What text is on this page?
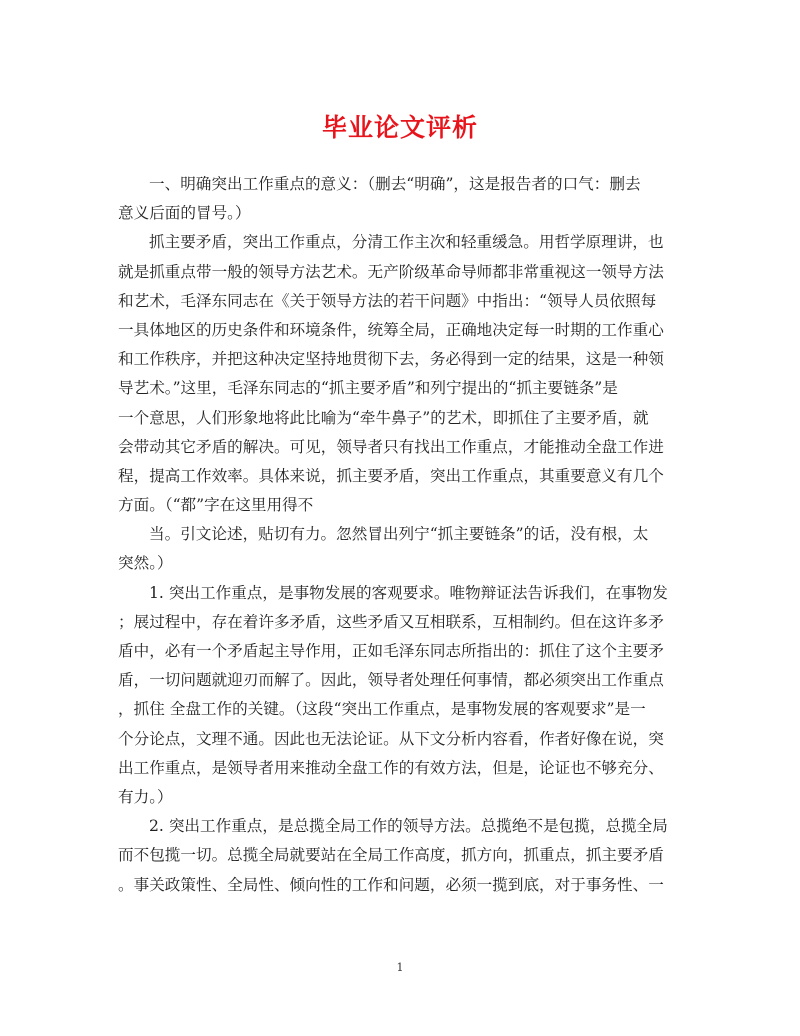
毕业论文评析
一、明确突出工作重点的意义：（删去“明确”，这是报告者的口气：删去
意义后面的冒号。）
抓主要矛盾，突出工作重点，分清工作主次和轻重缓急。用哲学原理讲，也
就是抓重点带一般的领导方法艺术。无产阶级革命导师都非常重视这一领导方法
和艺术，毛泽东同志在《关于领导方法的若干问题》中指出：“领导人员依照每
一具体地区的历史条件和环境条件，统筹全局，正确地决定每一时期的工作重心
和工作秩序，并把这种决定坚持地贯彻下去，务必得到一定的结果，这是一种领
导艺术。”这里，毛泽东同志的“抓主要矛盾”和列宁提出的“抓主要链条”是
一个意思，人们形象地将此比喻为“牵牛鼻子”的艺术，即抓住了主要矛盾，就
会带动其它矛盾的解决。可见，领导者只有找出工作重点，才能推动全盘工作进
程，提高工作效率。具体来说，抓主要矛盾，突出工作重点，其重要意义有几个
方面。（“都”字在这里用得不
当。引文论述，贴切有力。忽然冒出列宁“抓主要链条”的话，没有根，太
突然。）
1. 突出工作重点，是事物发展的客观要求。唯物辩证法告诉我们，在事物发
；展过程中，存在着许多矛盾，这些矛盾又互相联系，互相制约。但在这许多矛
盾中，必有一个矛盾起主导作用，正如毛泽东同志所指出的：抓住了这个主要矛
盾，一切问题就迎刃而解了。因此，领导者处理任何事情，都必须突出工作重点
，抓住 全盘工作的关键。（这段“突出工作重点，是事物发展的客观要求”是一
个分论点，文理不通。因此也无法论证。从下文分析内容看，作者好像在说，突
出工作重点，是领导者用来推动全盘工作的有效方法，但是，论证也不够充分、
有力。）
2. 突出工作重点，是总揽全局工作的领导方法。总揽绝不是包揽，总揽全局
而不包揽一切。总揽全局就要站在全局工作高度，抓方向，抓重点，抓主要矛盾
。事关政策性、全局性、倾向性的工作和问题，必须一揽到底，对于事务性、一
1
